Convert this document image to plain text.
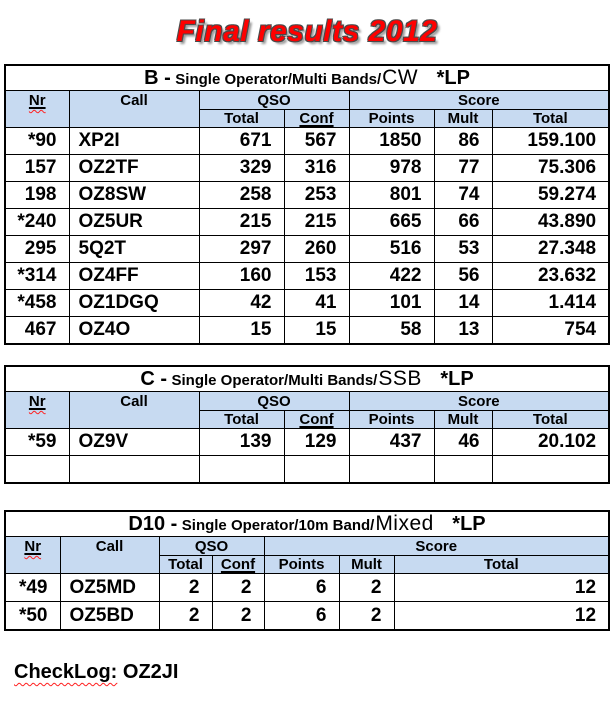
Final results 2012
B - Single Operator/Multi Bands/CW *LP						
Nr	Call	QSO		Score		
		Total	Conf	Points	Mult	Total
*90	XP2I	671	567	1850	86	159.100
157	OZ2TF	329	316	978	77	75.306
198	OZ8SW	258	253	801	74	59.274
*240	OZ5UR	215	215	665	66	43.890
295	5Q2T	297	260	516	53	27.348
*314	OZ4FF	160	153	422	56	23.632
*458	OZ1DGQ	42	41	101	14	1.414
467	OZ4O	15	15	58	13	754
C - Single Operator/Multi Bands/SSB *LP						
Nr	Call	QSO		Score		
		Total	Conf	Points	Mult	Total
*59	OZ9V	139	129	437	46	20.102

D10 - Single Operator/10m Band/Mixed *LP						
Nr	Call	QSO		Score		
		Total	Conf	Points	Mult	Total
*49	OZ5MD	2	2	6	2	12
*50	OZ5BD	2	2	6	2	12
CheckLog: OZ2JI
